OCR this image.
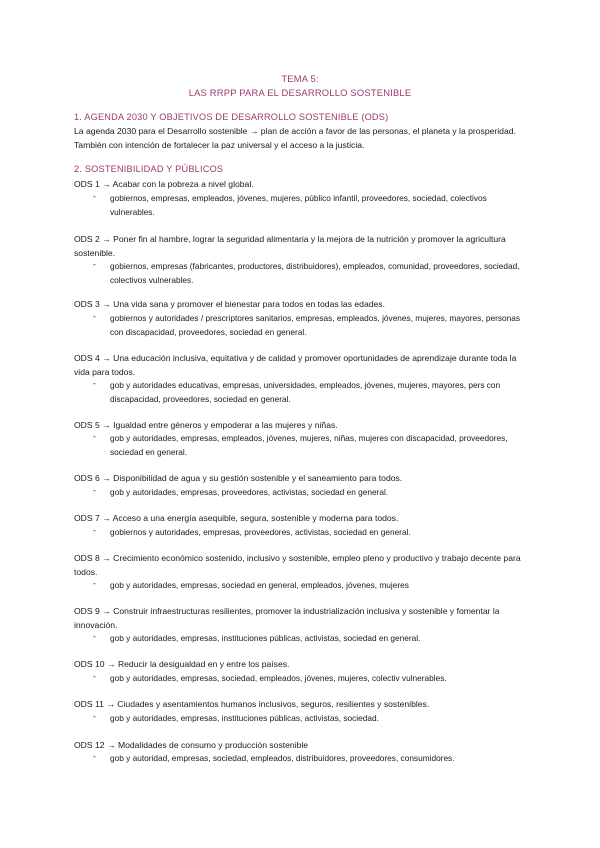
TEMA 5:
LAS RRPP PARA EL DESARROLLO SOSTENIBLE
1. AGENDA 2030 Y OBJETIVOS DE DESARROLLO SOSTENIBLE (ODS)
La agenda 2030 para el Desarrollo sostenible → plan de acción a favor de las personas, el planeta y la prosperidad. También con intención de fortalecer la paz universal y el acceso a la justicia.
2. SOSTENIBILIDAD Y PÚBLICOS
ODS 1 → Acabar con la pobreza a nivel global.
- gobiernos, empresas, empleados, jóvenes, mujeres, público infantil, proveedores, sociedad, colectivos vulnerables.
ODS 2 → Poner fin al hambre, lograr la seguridad alimentaria y la mejora de la nutrición y promover la agricultura sostenible.
- gobiernos, empresas (fabricantes, productores, distribuidores), empleados, comunidad, proveedores, sociedad, colectivos vulnerables.
ODS 3 → Una vida sana y promover el bienestar para todos en todas las edades.
- gobiernos y autoridades / prescriptores sanitarios, empresas, empleados, jóvenes, mujeres, mayores, personas con discapacidad, proveedores, sociedad en general.
ODS 4 → Una educación inclusiva, equitativa y de calidad y promover oportunidades de aprendizaje durante toda la vida para todos.
- gob y autoridades educativas, empresas, universidades, empleados, jóvenes, mujeres, mayores, pers con discapacidad, proveedores, sociedad en general.
ODS 5 → Igualdad entre géneros y empoderar a las mujeres y niñas.
- gob y autoridades, empresas, empleados, jóvenes, mujeres, niñas, mujeres con discapacidad, proveedores, sociedad en general.
ODS 6 → Disponibilidad de agua y su gestión sostenible y el saneamiento para todos.
- gob y autoridades, empresas, proveedores, activistas, sociedad en general.
ODS 7 → Acceso a una energía asequible, segura, sostenible y moderna para todos.
- gobiernos y autoridades, empresas, proveedores, activistas, sociedad en general.
ODS 8 → Crecimiento económico sostenido, inclusivo y sostenible, empleo pleno y productivo y trabajo decente para todos.
- gob y autoridades, empresas, sociedad en general, empleados, jóvenes, mujeres
ODS 9 → Construir infraestructuras resilientes, promover la industrialización inclusiva y sostenible y fomentar la innovación.
- gob y autoridades, empresas, instituciones públicas, activistas, sociedad en general.
ODS 10 → Reducir la desigualdad en y entre los países.
- gob y autoridades, empresas, sociedad, empleados, jóvenes, mujeres, colectiv vulnerables.
ODS 11 → Ciudades y asentamientos humanos inclusivos, seguros, resilientes y sostenibles.
- gob y autoridades, empresas, instituciones públicas, activistas, sociedad.
ODS 12 → Modalidades de consumo y producción sostenible
- gob y autoridad, empresas, sociedad, empleados, distribuidores, proveedores, consumidores.
